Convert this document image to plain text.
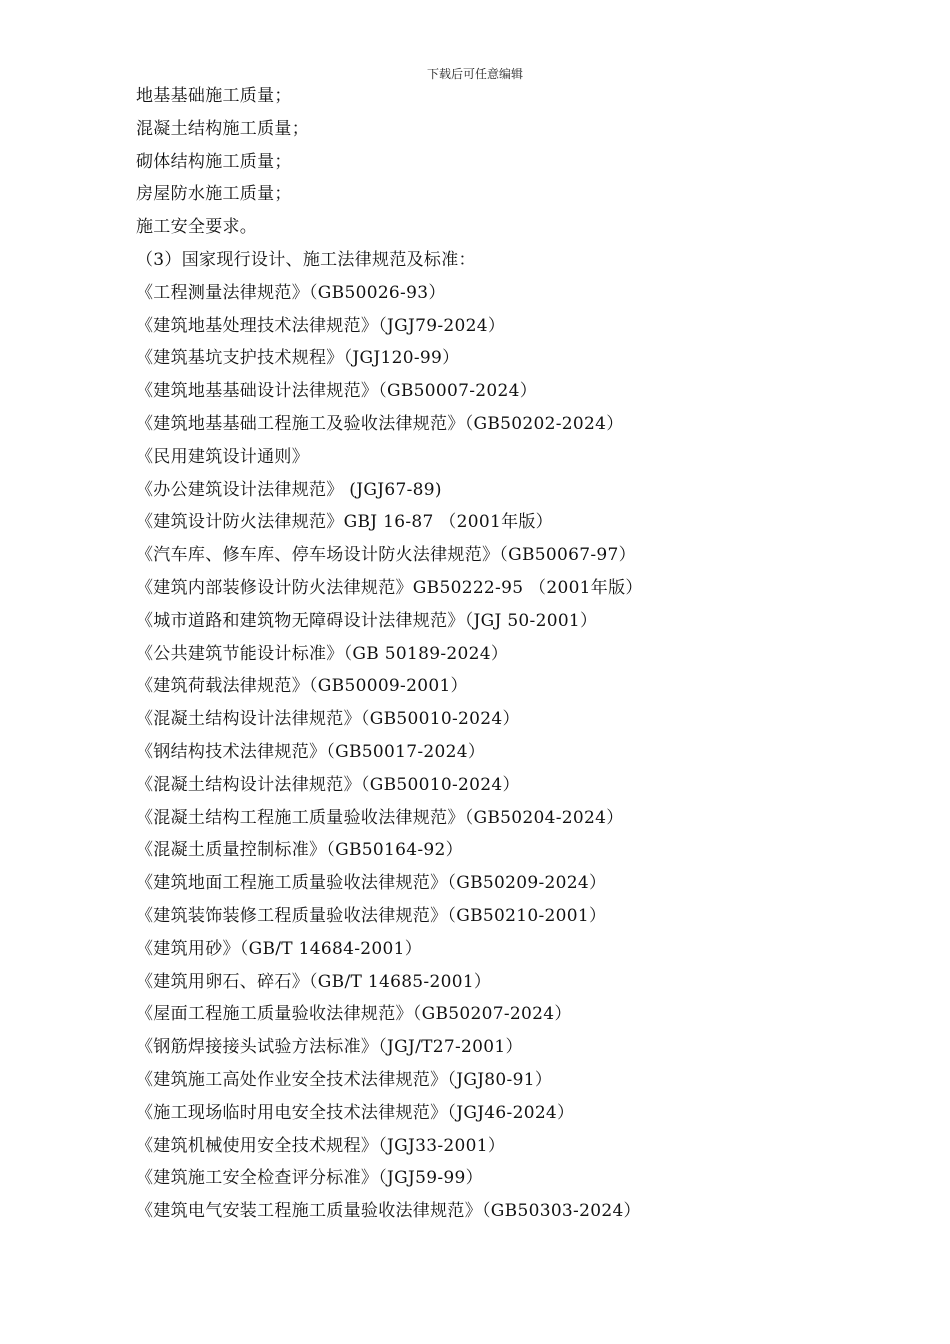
下载后可任意编辑
地基基础施工质量；
混凝土结构施工质量；
砌体结构施工质量；
房屋防水施工质量；
施工安全要求。
（3）国家现行设计、施工法律规范及标准：
《工程测量法律规范》（GB50026-93）
《建筑地基处理技术法律规范》（JGJ79-2024）
《建筑基坑支护技术规程》（JGJ120-99）
《建筑地基基础设计法律规范》（GB50007-2024）
《建筑地基基础工程施工及验收法律规范》（GB50202-2024）
《民用建筑设计通则》
《办公建筑设计法律规范》 (JGJ67-89)
《建筑设计防火法律规范》GBJ 16-87 （2001年版）
《汽车库、修车库、停车场设计防火法律规范》（GB50067-97）
《建筑内部装修设计防火法律规范》GB50222-95 （2001年版）
《城市道路和建筑物无障碍设计法律规范》（JGJ 50-2001）
《公共建筑节能设计标准》（GB 50189-2024）
《建筑荷载法律规范》（GB50009-2001）
《混凝土结构设计法律规范》（GB50010-2024）
《钢结构技术法律规范》（GB50017-2024）
《混凝土结构设计法律规范》（GB50010-2024）
《混凝土结构工程施工质量验收法律规范》（GB50204-2024）
《混凝土质量控制标准》（GB50164-92）
《建筑地面工程施工质量验收法律规范》（GB50209-2024）
《建筑装饰装修工程质量验收法律规范》（GB50210-2001）
《建筑用砂》（GB/T 14684-2001）
《建筑用卵石、碎石》（GB/T 14685-2001）
《屋面工程施工质量验收法律规范》（GB50207-2024）
《钢筋焊接接头试验方法标准》（JGJ/T27-2001）
《建筑施工高处作业安全技术法律规范》（JGJ80-91）
《施工现场临时用电安全技术法律规范》（JGJ46-2024）
《建筑机械使用安全技术规程》（JGJ33-2001）
《建筑施工安全检查评分标准》（JGJ59-99）
《建筑电气安装工程施工质量验收法律规范》（GB50303-2024）
